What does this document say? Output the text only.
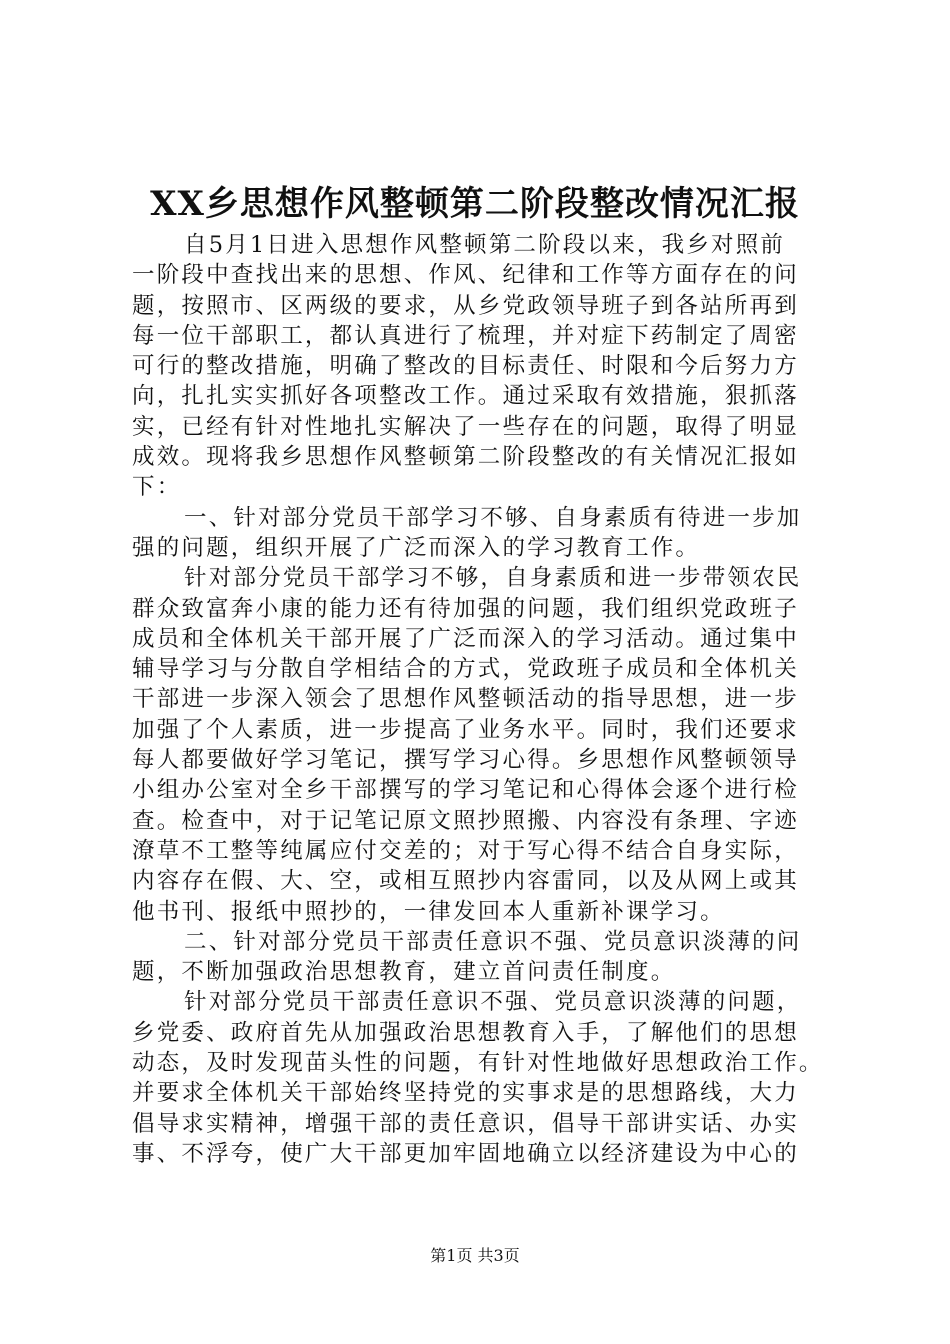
XX乡思想作风整顿第二阶段整改情况汇报
自5月1日进入思想作风整顿第二阶段以来，我乡对照前
一阶段中查找出来的思想、作风、纪律和工作等方面存在的问
题，按照市、区两级的要求，从乡党政领导班子到各站所再到
每一位干部职工，都认真进行了梳理，并对症下药制定了周密
可行的整改措施，明确了整改的目标责任、时限和今后努力方
向，扎扎实实抓好各项整改工作。通过采取有效措施，狠抓落
实，已经有针对性地扎实解决了一些存在的问题，取得了明显
成效。现将我乡思想作风整顿第二阶段整改的有关情况汇报如
下：
一、针对部分党员干部学习不够、自身素质有待进一步加
强的问题，组织开展了广泛而深入的学习教育工作。
针对部分党员干部学习不够，自身素质和进一步带领农民
群众致富奔小康的能力还有待加强的问题，我们组织党政班子
成员和全体机关干部开展了广泛而深入的学习活动。通过集中
辅导学习与分散自学相结合的方式，党政班子成员和全体机关
干部进一步深入领会了思想作风整顿活动的指导思想，进一步
加强了个人素质，进一步提高了业务水平。同时，我们还要求
每人都要做好学习笔记，撰写学习心得。乡思想作风整顿领导
小组办公室对全乡干部撰写的学习笔记和心得体会逐个进行检
查。检查中，对于记笔记原文照抄照搬、内容没有条理、字迹
潦草不工整等纯属应付交差的；对于写心得不结合自身实际，
内容存在假、大、空，或相互照抄内容雷同，以及从网上或其
他书刊、报纸中照抄的，一律发回本人重新补课学习。
二、针对部分党员干部责任意识不强、党员意识淡薄的问
题，不断加强政治思想教育，建立首问责任制度。
针对部分党员干部责任意识不强、党员意识淡薄的问题，
乡党委、政府首先从加强政治思想教育入手，了解他们的思想
动态，及时发现苗头性的问题，有针对性地做好思想政治工作。
并要求全体机关干部始终坚持党的实事求是的思想路线，大力
倡导求实精神，增强干部的责任意识，倡导干部讲实话、办实
事、不浮夸，使广大干部更加牢固地确立以经济建设为中心的
第1页 共3页
